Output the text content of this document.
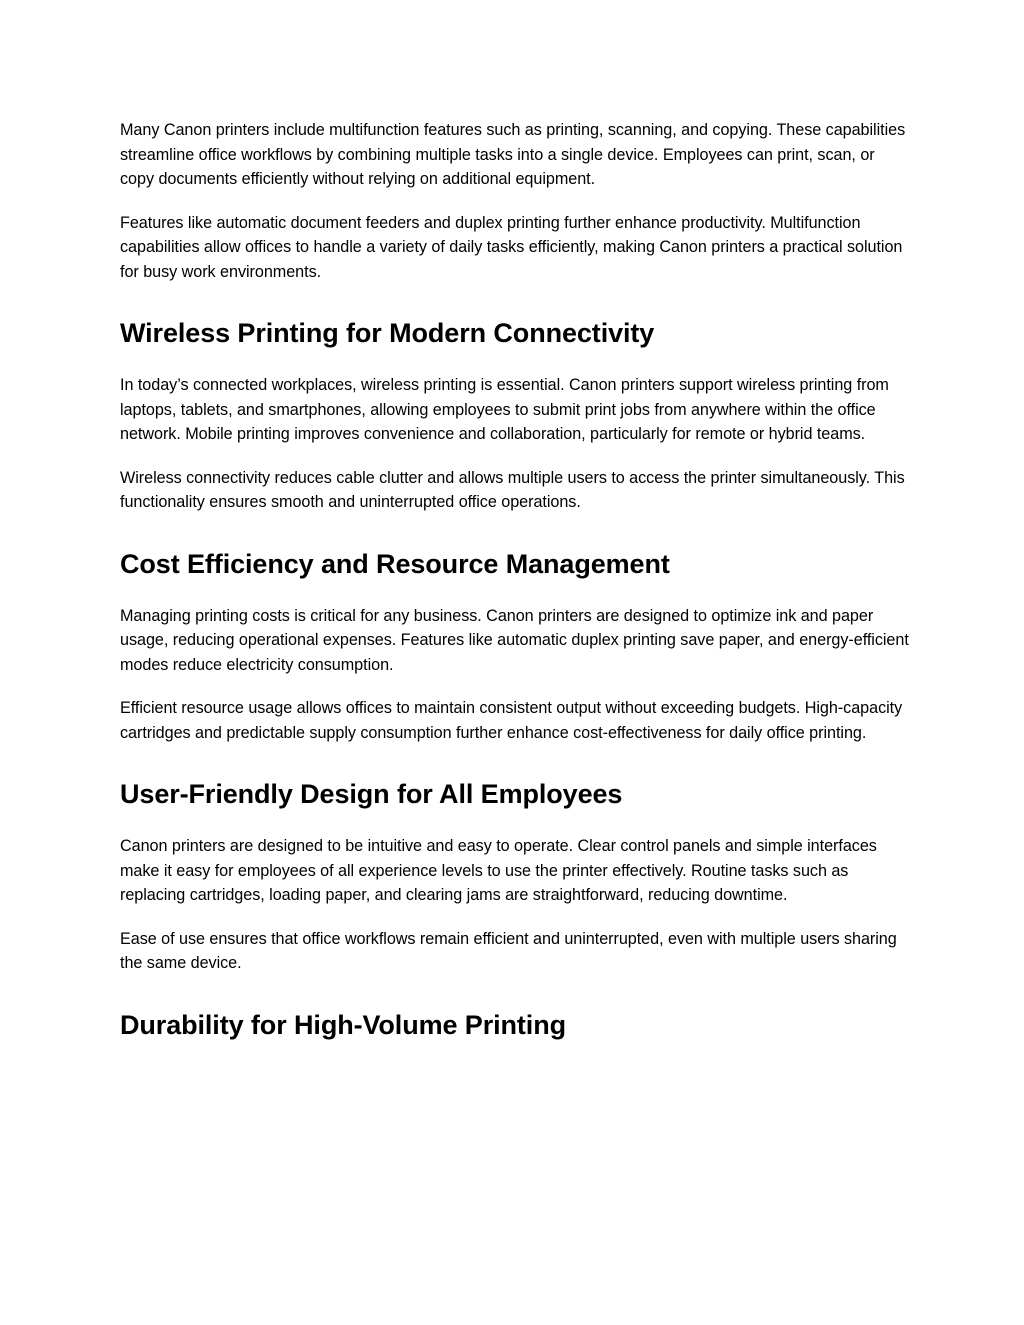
Many Canon printers include multifunction features such as printing, scanning, and copying. These capabilities streamline office workflows by combining multiple tasks into a single device. Employees can print, scan, or copy documents efficiently without relying on additional equipment.

Features like automatic document feeders and duplex printing further enhance productivity. Multifunction capabilities allow offices to handle a variety of daily tasks efficiently, making Canon printers a practical solution for busy work environments.

Wireless Printing for Modern Connectivity

In today’s connected workplaces, wireless printing is essential. Canon printers support wireless printing from laptops, tablets, and smartphones, allowing employees to submit print jobs from anywhere within the office network. Mobile printing improves convenience and collaboration, particularly for remote or hybrid teams.

Wireless connectivity reduces cable clutter and allows multiple users to access the printer simultaneously. This functionality ensures smooth and uninterrupted office operations.

Cost Efficiency and Resource Management

Managing printing costs is critical for any business. Canon printers are designed to optimize ink and paper usage, reducing operational expenses. Features like automatic duplex printing save paper, and energy-efficient modes reduce electricity consumption.

Efficient resource usage allows offices to maintain consistent output without exceeding budgets. High-capacity cartridges and predictable supply consumption further enhance cost-effectiveness for daily office printing.

User-Friendly Design for All Employees

Canon printers are designed to be intuitive and easy to operate. Clear control panels and simple interfaces make it easy for employees of all experience levels to use the printer effectively. Routine tasks such as replacing cartridges, loading paper, and clearing jams are straightforward, reducing downtime.

Ease of use ensures that office workflows remain efficient and uninterrupted, even with multiple users sharing the same device.

Durability for High-Volume Printing
